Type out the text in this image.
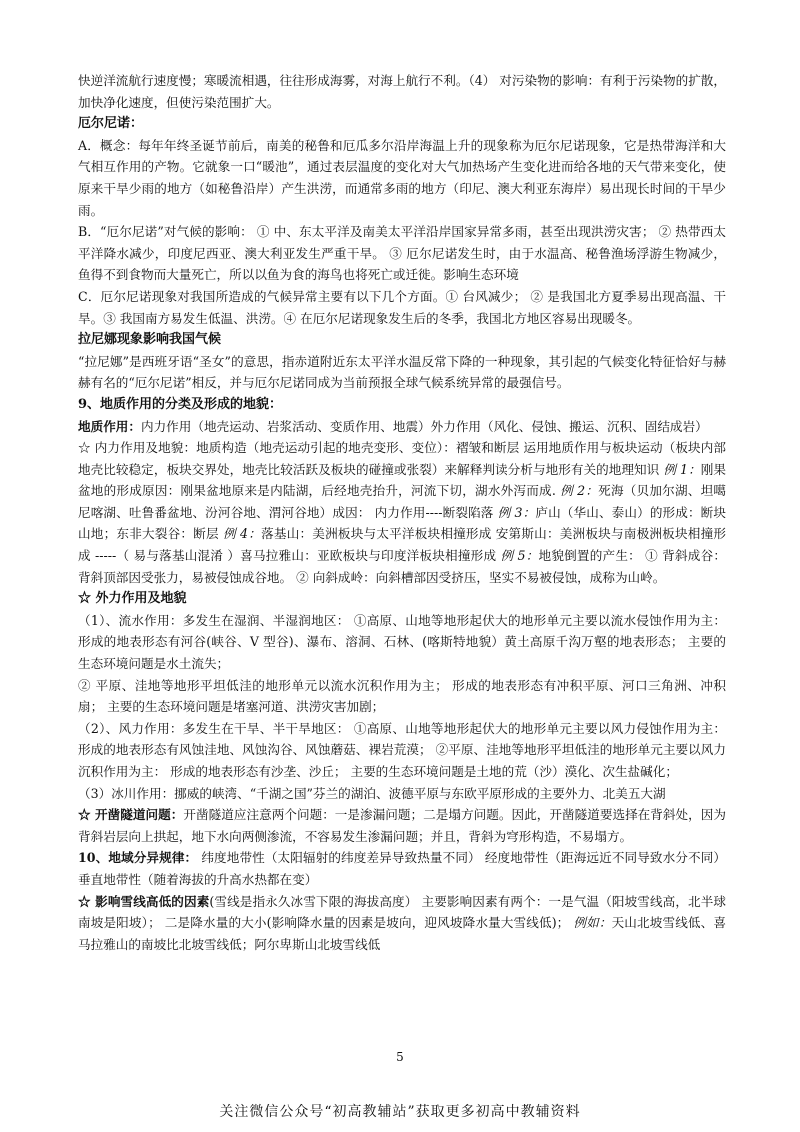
快逆洋流航行速度慢；寒暖流相遇，往往形成海雾，对海上航行不利。（4） 对污染物的影响：有利于污染物的扩散，加快净化速度，但使污染范围扩大。

厄尔尼诺：

A．概念：每年年终圣诞节前后，南美的秘鲁和厄瓜多尔沿岸海温上升的现象称为厄尔尼诺现象，它是热带海洋和大气相互作用的产物。它就象一口“暖池”，通过表层温度的变化对大气加热场产生变化进而给各地的天气带来变化，使原来干旱少雨的地方（如秘鲁沿岸）产生洪涝，而通常多雨的地方（印尼、澳大利亚东海岸）易出现长时间的干旱少雨。

B．“厄尔尼诺”对气候的影响： ① 中、东太平洋及南美太平洋沿岸国家异常多雨，甚至出现洪涝灾害； ② 热带西太平洋降水减少，印度尼西亚、澳大利亚发生严重干旱。 ③ 厄尔尼诺发生时，由于水温高、秘鲁渔场浮游生物减少，鱼得不到食物而大量死亡，所以以鱼为食的海鸟也将死亡或迁徙。影响生态环境

C．厄尔尼诺现象对我国所造成的气候异常主要有以下几个方面。① 台风减少； ② 是我国北方夏季易出现高温、干旱。③ 我国南方易发生低温、洪涝。④ 在厄尔尼诺现象发生后的冬季，我国北方地区容易出现暖冬。

拉尼娜现象影响我国气候

“拉尼娜”是西班牙语“圣女”的意思，指赤道附近东太平洋水温反常下降的一种现象，其引起的气候变化特征恰好与赫赫有名的“厄尔尼诺”相反，并与厄尔尼诺同成为当前预报全球气候系统异常的最强信号。

9、地质作用的分类及形成的地貌：

地质作用：内力作用（地壳运动、岩浆活动、变质作用、地震）外力作用（风化、侵蚀、搬运、沉积、固结成岩）

☆ 内力作用及地貌：地质构造（地壳运动引起的地壳变形、变位）：褶皱和断层 运用地质作用与板块运动（板块内部地壳比较稳定，板块交界处，地壳比较活跃及板块的碰撞或张裂）来解释判读分析与地形有关的地理知识 例 1：刚果盆地的形成原因：刚果盆地原来是内陆湖，后经地壳抬升，河流下切，湖水外泻而成. 例 2：死海（贝加尔湖、坦噶尼喀湖、吐鲁番盆地、汾河谷地、渭河谷地）成因： 内力作用----断裂陷落 例 3：庐山（华山、泰山）的形成：断块山地；东非大裂谷：断层 例 4：落基山：美洲板块与太平洋板块相撞形成 安第斯山：美洲板块与南极洲板块相撞形成 -----（ 易与落基山混淆 ）喜马拉雅山：亚欧板块与印度洋板块相撞形成 例 5：地貌倒置的产生： ① 背斜成谷：背斜顶部因受张力，易被侵蚀成谷地。 ② 向斜成岭：向斜槽部因受挤压，坚实不易被侵蚀，成称为山岭。

☆ 外力作用及地貌

（1）、流水作用：多发生在湿润、半湿润地区： ①高原、山地等地形起伏大的地形单元主要以流水侵蚀作用为主： 形成的地表形态有河谷(峡谷、V 型谷)、瀑布、溶洞、石林、(喀斯特地貌）黄土高原千沟万壑的地表形态； 主要的生态环境问题是水土流失；

② 平原、洼地等地形平坦低洼的地形单元以流水沉积作用为主； 形成的地表形态有冲积平原、河口三角洲、冲积扇； 主要的生态环境问题是堵塞河道、洪涝灾害加剧；

（2）、风力作用：多发生在干旱、半干旱地区： ①高原、山地等地形起伏大的地形单元主要以风力侵蚀作用为主： 形成的地表形态有风蚀洼地、风蚀沟谷、风蚀蘑菇、裸岩荒漠； ②平原、洼地等地形平坦低洼的地形单元主要以风力沉积作用为主： 形成的地表形态有沙垄、沙丘； 主要的生态环境问题是土地的荒（沙）漠化、次生盐碱化；

（3）冰川作用：挪威的峡湾、“千湖之国”芬兰的湖泊、波德平原与东欧平原形成的主要外力、北美五大湖

☆ 开凿隧道问题：开凿隧道应注意两个问题：一是渗漏问题；二是塌方问题。因此，开凿隧道要选择在背斜处，因为背斜岩层向上拱起，地下水向两侧渗流，不容易发生渗漏问题；并且，背斜为穹形构造，不易塌方。

10、地域分异规律： 纬度地带性（太阳辐射的纬度差异导致热量不同） 经度地带性（距海远近不同导致水分不同） 垂直地带性（随着海拔的升高水热都在变）

☆ 影响雪线高低的因素(雪线是指永久冰雪下限的海拔高度） 主要影响因素有两个：一是气温（阳坡雪线高，北半球南坡是阳坡）； 二是降水量的大小(影响降水量的因素是坡向，迎风坡降水量大雪线低)； 例如：天山北坡雪线低、喜马拉雅山的南坡比北坡雪线低；阿尔卑斯山北坡雪线低

5
关注微信公众号“初高教辅站”获取更多初高中教辅资料
